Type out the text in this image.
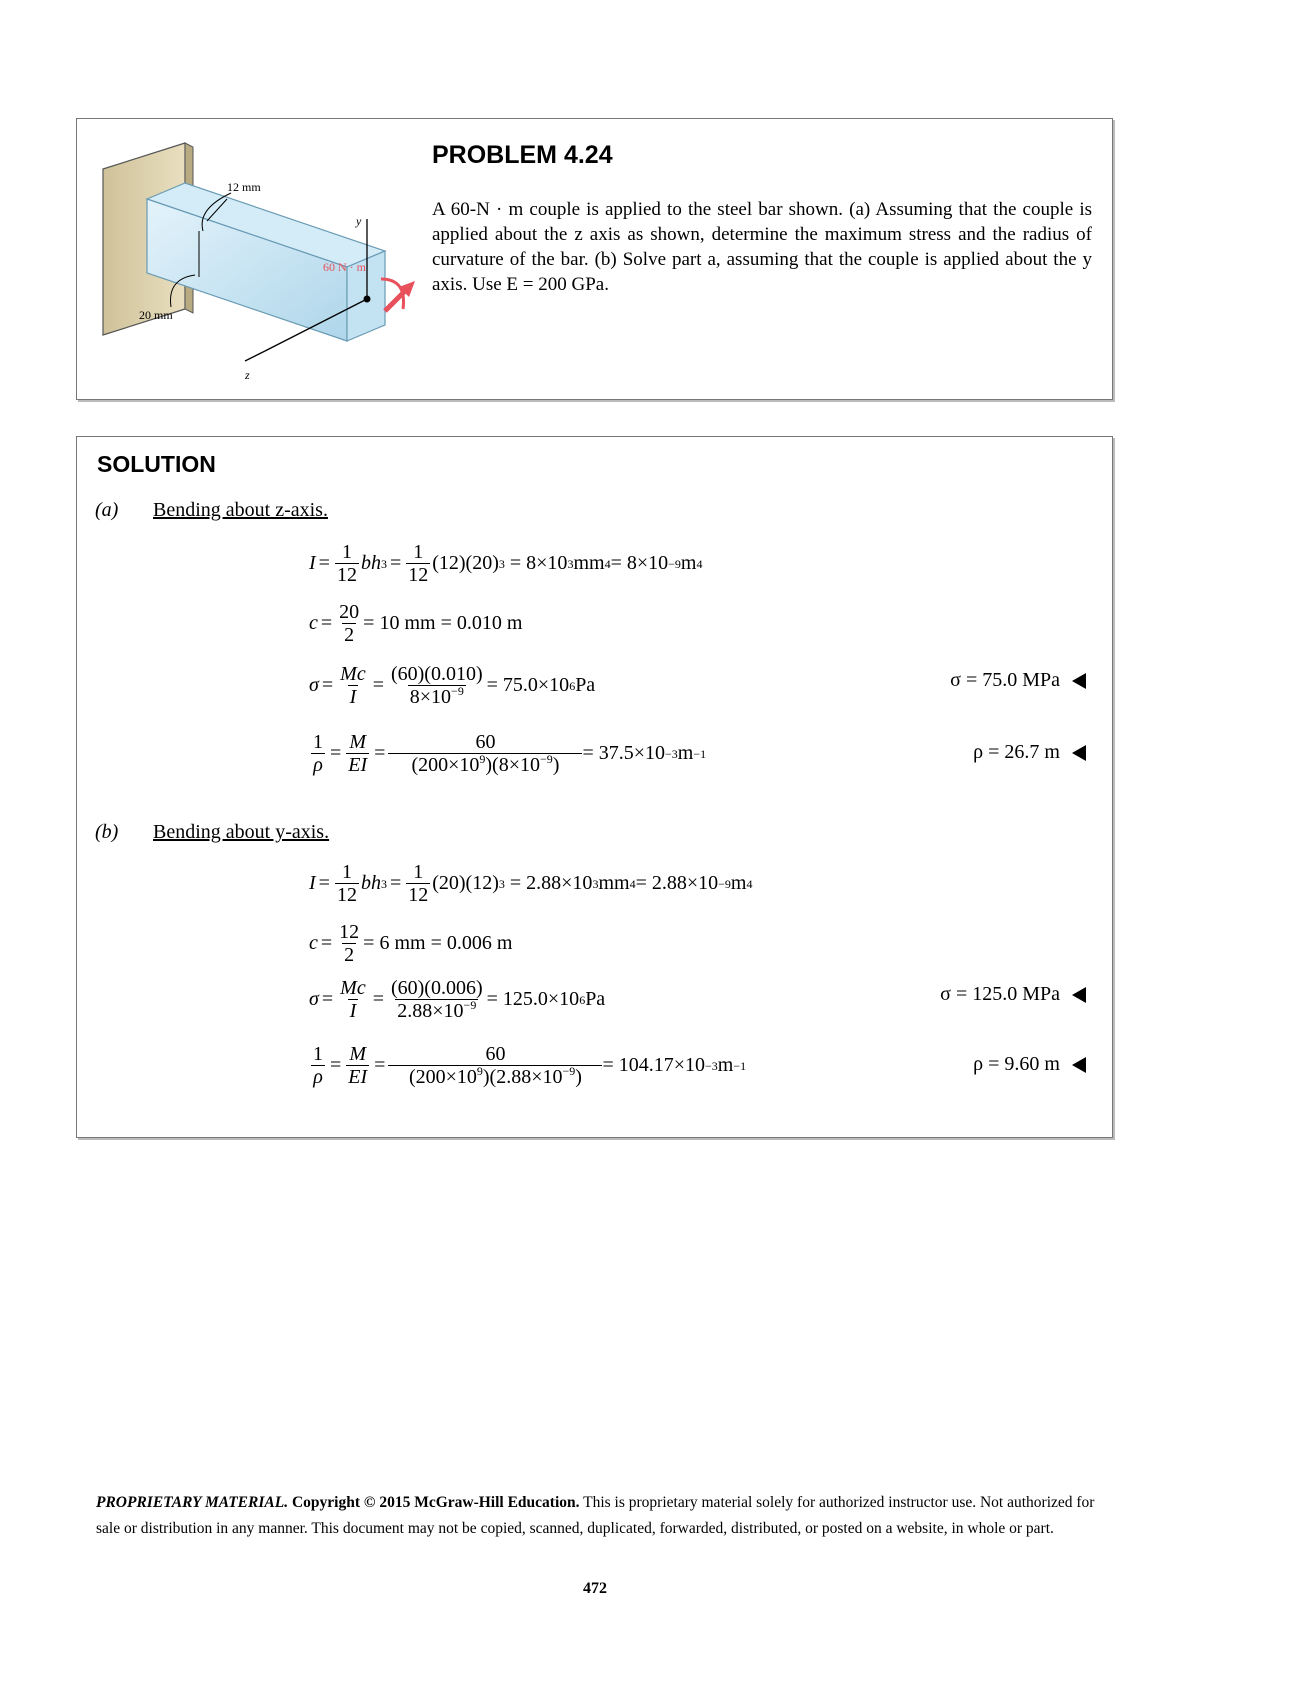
y
z
60 N · m
12 mm
20 mm
PROBLEM 4.24
A 60-N · m couple is applied to the steel bar shown. (a) Assuming that the couple is applied about the z axis as shown, determine the maximum stress and the radius of curvature of the bar. (b) Solve part a, assuming that the couple is applied about the y axis. Use E = 200 GPa.
SOLUTION
(a) Bending about z-axis.
$I = \frac{1}{12}$ bh $3 = \frac{1}{12} (12)(20)$ 3
= 8×10 3 mm 4 = 8×10 −9 m 4
$c = \frac{20}{2} = 10$ mm = 0.010 m
$\sigma = \frac{Mc}{I} = \frac{(60)(0.010)}{8\times 10^{-9}} = 75.0\times 10$ 6 Pa	σ = 75.0 MPa
$\frac{1}{\rho} = \frac{M}{EI} = \frac{60}{(200\times 10^9)(8\times 10^{-9})} = 37.5\times 10 -3$ m −1	ρ = 26.7 m
(b) Bending about y-axis.
$I = \frac{1}{12}$ bh $3 = \frac{1}{12} (20)(12)$ 3
= 2.88×10 3 mm 4 = 2.88×10 −9 m 4
$c = \frac{12}{2} = 6$ mm = 0.006 m
$\sigma = \frac{Mc}{I} = \frac{(60)(0.006)}{2.88\times 10^{-9}} = 125.0\times 10$ 6 Pa	σ = 125.0 MPa
$\frac{1}{\rho} = \frac{M}{EI} = \frac{60}{(200\times 10^9)(2.88\times 10^{-9})} = 104.17\times 10 -3$ m −1	ρ = 9.60 m
PROPRIETARY MATERIAL. Copyright © 2015 McGraw-Hill Education. This is proprietary material solely for authorized instructor use. Not authorized for sale or distribution in any manner. This document may not be copied, scanned, duplicated, forwarded, distributed, or posted on a website, in whole or part.
472
